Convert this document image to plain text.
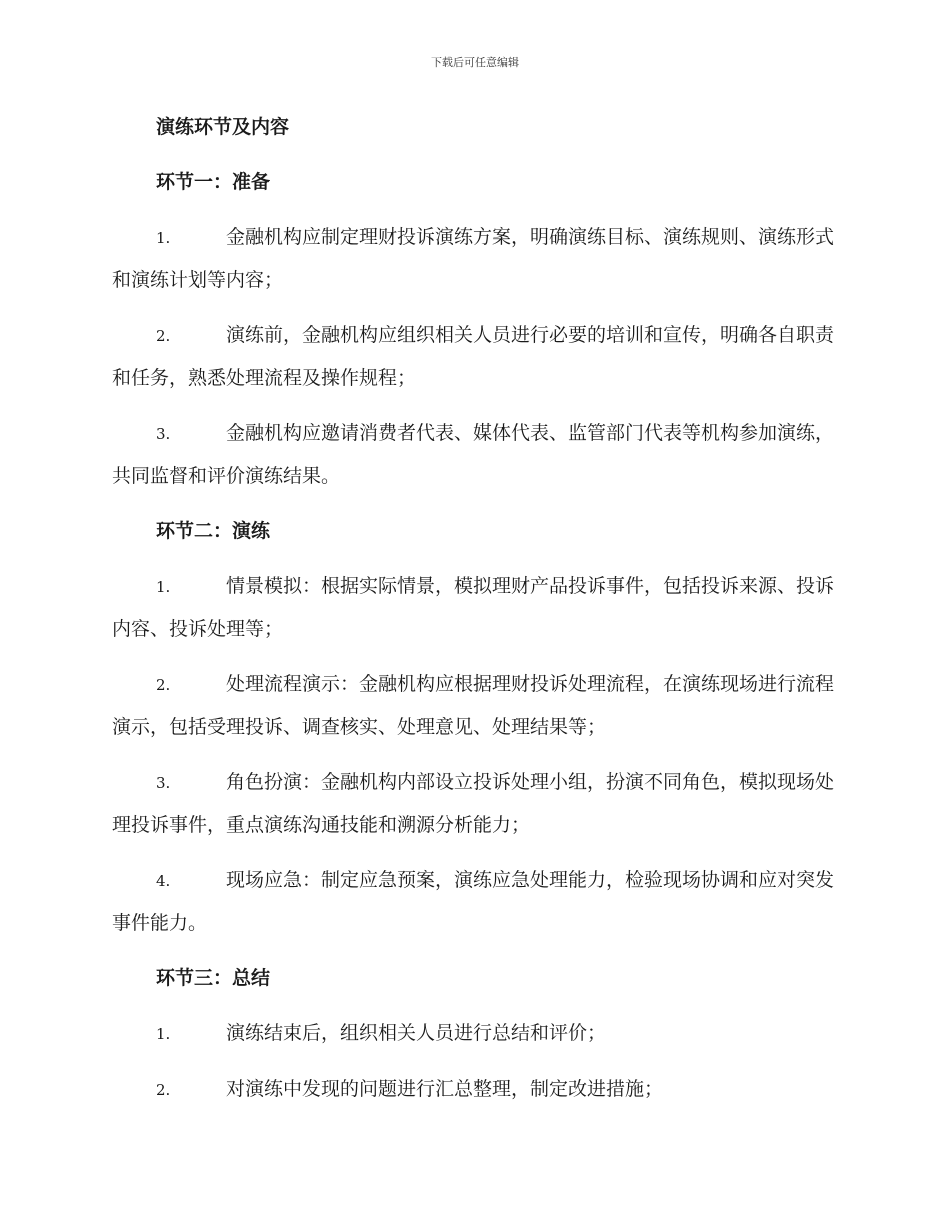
下载后可任意编辑
演练环节及内容
环节一：准备
1.	金融机构应制定理财投诉演练方案，明确演练目标、演练规则、演练形式和演练计划等内容；
2.	演练前，金融机构应组织相关人员进行必要的培训和宣传，明确各自职责和任务，熟悉处理流程及操作规程；
3.	金融机构应邀请消费者代表、媒体代表、监管部门代表等机构参加演练，共同监督和评价演练结果。
环节二：演练
1.	情景模拟：根据实际情景，模拟理财产品投诉事件，包括投诉来源、投诉内容、投诉处理等；
2.	处理流程演示：金融机构应根据理财投诉处理流程，在演练现场进行流程演示，包括受理投诉、调查核实、处理意见、处理结果等；
3.	角色扮演：金融机构内部设立投诉处理小组，扮演不同角色，模拟现场处理投诉事件，重点演练沟通技能和溯源分析能力；
4.	现场应急：制定应急预案，演练应急处理能力，检验现场协调和应对突发事件能力。
环节三：总结
1.	演练结束后，组织相关人员进行总结和评价；
2.	对演练中发现的问题进行汇总整理，制定改进措施；
